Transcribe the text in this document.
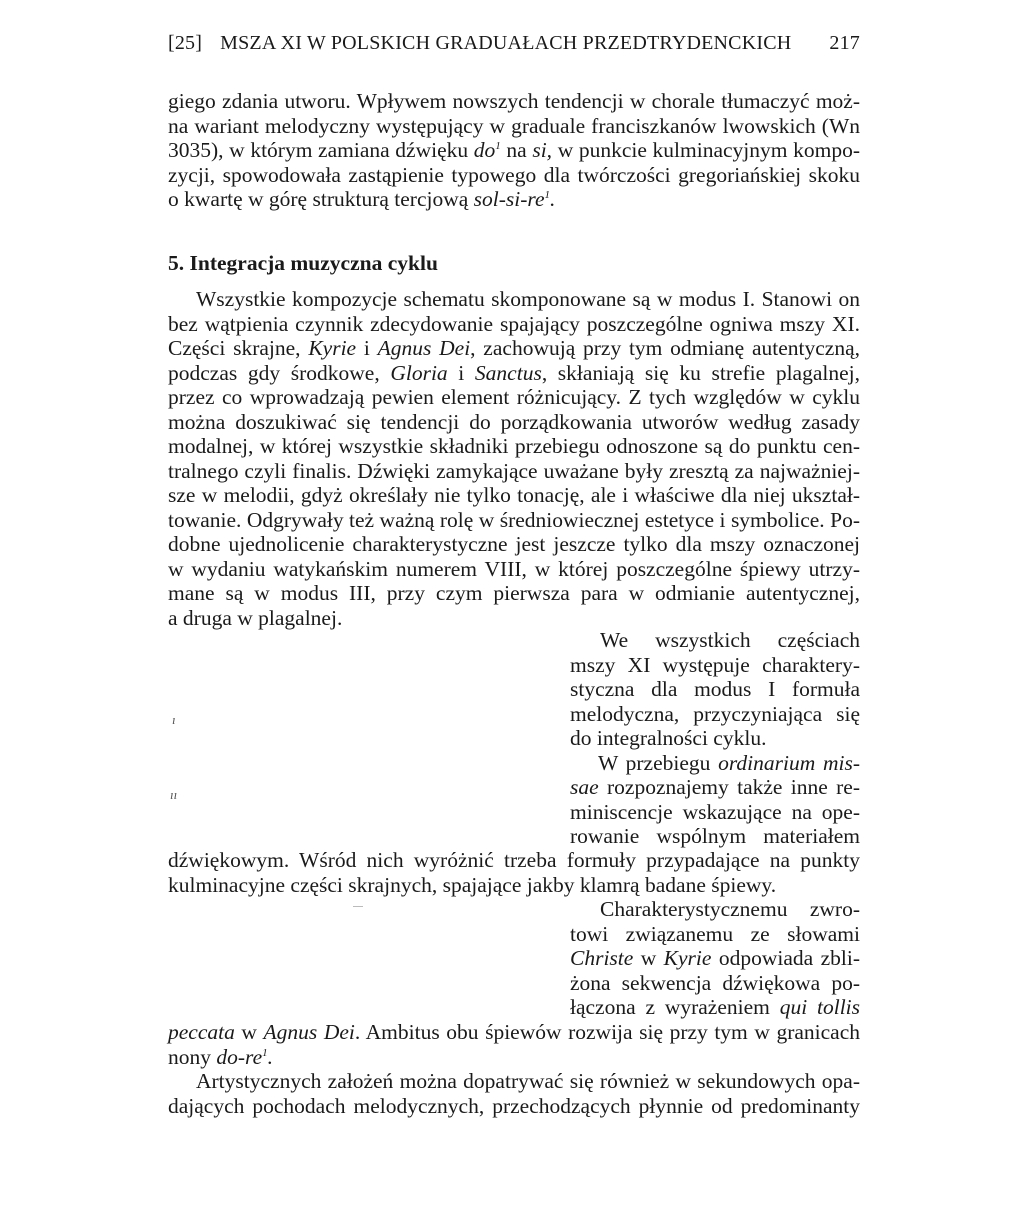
[25] MSZA XI W POLSKICH GRADUAŁACH PRZEDTRYDENCKICH	217
giego zdania utworu. Wpływem nowszych tendencji w chorale tłumaczyć moż-
na wariant melodyczny występujący w graduale franciszkanów lwowskich (Wn
3035), w którym zamiana dźwięku $do^1$ na si, w punkcie kulminacyjnym kompo-
zycji, spowodowała zastąpienie typowego dla twórczości gregoriańskiej skoku
o kwartę w górę strukturą tercjową sol-$si-re^1$.
5. Integracja muzyczna cyklu
Wszystkie kompozycje schematu skomponowane są w modus I. Stanowi on
bez wątpienia czynnik zdecydowanie spajający poszczególne ogniwa mszy XI.
Części skrajne, Kyrie i Agnus Dei, zachowują przy tym odmianę autentyczną,
podczas gdy środkowe, Gloria i Sanctus, skłaniają się ku strefie plagalnej,
przez co wprowadzają pewien element różnicujący. Z tych względów w cyklu
można doszukiwać się tendencji do porządkowania utworów według zasady
modalnej, w której wszystkie składniki przebiegu odnoszone są do punktu cen-
tralnego czyli finalis. Dźwięki zamykające uważane były zresztą za najważniej-
sze w melodii, gdyż określały nie tylko tonację, ale i właściwe dla niej ukształ-
towanie. Odgrywały też ważną rolę w średniowiecznej estetyce i symbolice. Po-
dobne ujednolicenie charakterystyczne jest jeszcze tylko dla mszy oznaczonej
w wydaniu watykańskim numerem VIII, w której poszczególne śpiewy utrzy-
mane są w modus III, przy czym pierwsza para w odmianie autentycznej,
a druga w plagalnej.
ı
ıı
We wszystkich częściach
mszy XI występuje charaktery-
styczna dla modus I formuła
melodyczna, przyczyniająca się
do integralności cyklu.
W przebiegu ordinarium mis-
sae rozpoznajemy także inne re-
miniscencje wskazujące na ope-
rowanie wspólnym materiałem
dźwiękowym. Wśród nich wyróżnić trzeba formuły przypadające na punkty
kulminacyjne części skrajnych, spajające jakby klamrą badane śpiewy.
Charakterystycznemu zwro-
towi związanemu ze słowami
Christe w Kyrie odpowiada zbli-
żona sekwencja dźwiękowa po-
łączona z wyrażeniem qui tollis
peccata w Agnus Dei. Ambitus obu śpiewów rozwija się przy tym w granicach
nony $do-re^1$.
Artystycznych założeń można dopatrywać się również w sekundowych opa-
dających pochodach melodycznych, przechodzących płynnie od predominanty
